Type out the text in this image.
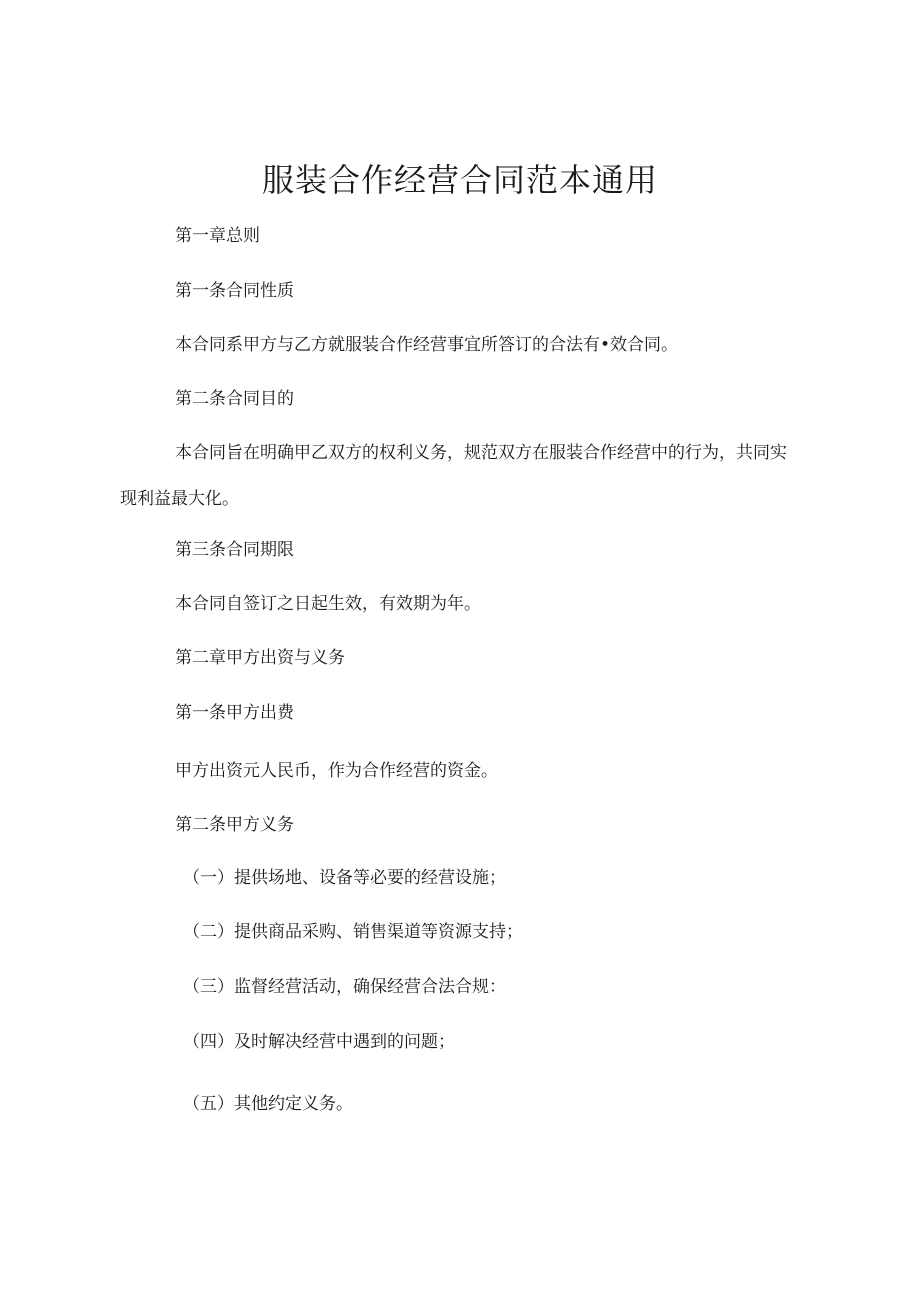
服装合作经营合同范本通用

第一章总则

第一条合同性质

本合同系甲方与乙方就服装合作经营事宜所答订的合法有•效合同。

第二条合同目的

本合同旨在明确甲乙双方的权利义务，规范双方在服装合作经营中的行为，共同实
现利益最大化。

第三条合同期限

本合同自签订之日起生效，有效期为年。

第二章甲方出资与义务

第一条甲方出费

甲方出资元人民币，作为合作经营的资金。

第二条甲方义务

（一）提供场地、设备等必要的经营设施；

（二）提供商品采购、销售渠道等资源支持；

（三）监督经营活动，确保经营合法合规：

（四）及时解决经营中遇到的问题；

（五）其他约定义务。
